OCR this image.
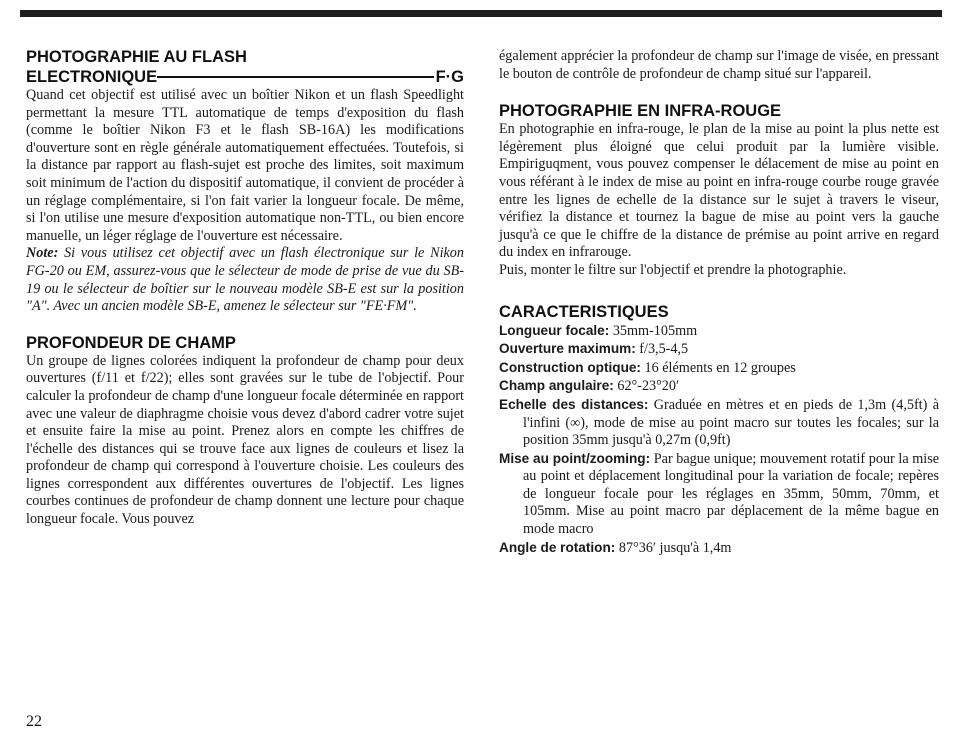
PHOTOGRAPHIE AU FLASH
ELECTRONIQUE	F·G

Quand cet objectif est utilisé avec un boîtier Nikon et un flash Speedlight permettant la mesure TTL automatique de temps d'exposition du flash (comme le boîtier Nikon F3 et le flash SB-16A) les modifications d'ouverture sont en règle générale automatiquement effectuées. Toutefois, si la distance par rapport au flash-sujet est proche des limites, soit maximum soit minimum de l'action du dispositif automatique, il convient de procéder à un réglage complémentaire, si l'on fait varier la longueur focale. De même, si l'on utilise une mesure d'exposition automatique non-TTL, ou bien encore manuelle, un léger réglage de l'ouverture est nécessaire.

Note: Si vous utilisez cet objectif avec un flash électronique sur le Nikon FG-20 ou EM, assurez-vous que le sélecteur de mode de prise de vue du SB-19 ou le sélecteur de boîtier sur le nouveau modèle SB-E est sur la position "A". Avec un ancien modèle SB-E, amenez le sélecteur sur "FE·FM".

PROFONDEUR DE CHAMP

Un groupe de lignes colorées indiquent la profondeur de champ pour deux ouvertures (f/11 et f/22); elles sont gravées sur le tube de l'objectif. Pour calculer la profondeur de champ d'une longueur focale déterminée en rapport avec une valeur de diaphragme choisie vous devez d'abord cadrer votre sujet et ensuite faire la mise au point. Prenez alors en compte les chiffres de l'échelle des distances qui se trouve face aux lignes de couleurs et lisez la profondeur de champ qui correspond à l'ouverture choisie. Les couleurs des lignes correspondent aux différentes ouvertures de l'objectif. Les lignes courbes continues de profondeur de champ donnent une lecture pour chaque longueur focale. Vous pouvez

également apprécier la profondeur de champ sur l'image de visée, en pressant le bouton de contrôle de profondeur de champ situé sur l'appareil.

PHOTOGRAPHIE EN INFRA-ROUGE

En photographie en infra-rouge, le plan de la mise au point la plus nette est légèrement plus éloigné que celui produit par la lumière visible. Empiriguqment, vous pouvez compenser le délacement de mise au point en vous référant à le index de mise au point en infra-rouge courbe rouge gravée entre les lignes de echelle de la distance sur le sujet à travers le viseur, vérifiez la distance et tournez la bague de mise au point vers la gauche jusqu'à ce que le chiffre de la distance de prémise au point arrive en regard du index en infrarouge.

Puis, monter le filtre sur l'objectif et prendre la photographie.

CARACTERISTIQUES

Longueur focale: 35mm-105mm

Ouverture maximum: f/3,5-4,5

Construction optique: 16 éléments en 12 groupes

Champ angulaire: 62°-23°20′

Echelle des distances: Graduée en mètres et en pieds de 1,3m (4,5ft) à l'infini (∞), mode de mise au point macro sur toutes les focales; sur la position 35mm jusqu'à 0,27m (0,9ft)

Mise au point/zooming: Par bague unique; mouvement rotatif pour la mise au point et déplacement longitudinal pour la variation de focale; repères de longueur focale pour les réglages en 35mm, 50mm, 70mm, et 105mm. Mise au point macro par déplacement de la même bague en mode macro

Angle de rotation: 87°36′ jusqu'à 1,4m

22
